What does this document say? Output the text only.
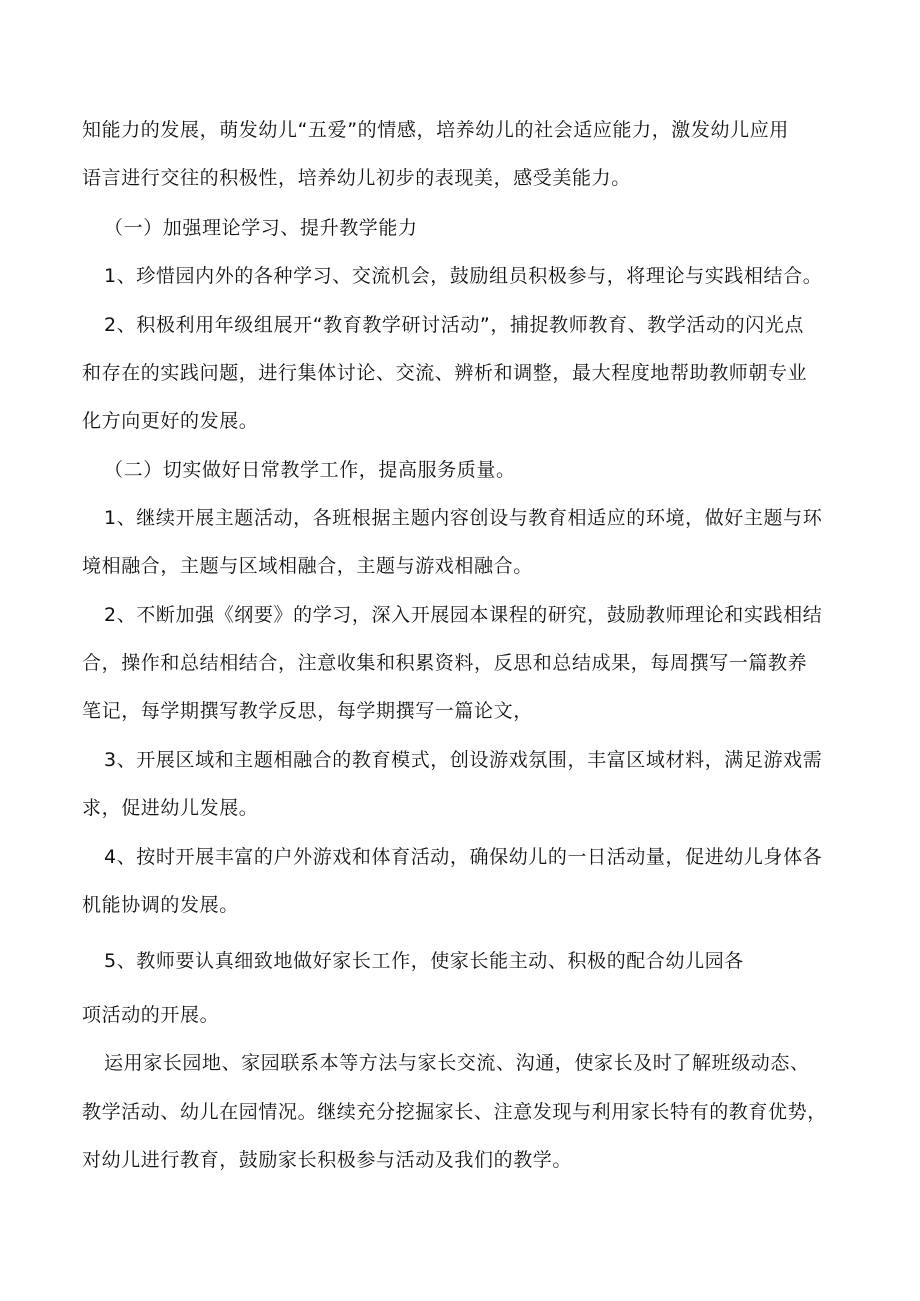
知能力的发展，萌发幼儿“五爱”的情感，培养幼儿的社会适应能力，激发幼儿应用
语言进行交往的积极性，培养幼儿初步的表现美，感受美能力。
（一）加强理论学习、提升教学能力
1、珍惜园内外的各种学习、交流机会，鼓励组员积极参与，将理论与实践相结合。
2、积极利用年级组展开“教育教学研讨活动”，捕捉教师教育、教学活动的闪光点
和存在的实践问题，进行集体讨论、交流、辨析和调整，最大程度地帮助教师朝专业
化方向更好的发展。
（二）切实做好日常教学工作，提高服务质量。
1、继续开展主题活动，各班根据主题内容创设与教育相适应的环境，做好主题与环
境相融合，主题与区域相融合，主题与游戏相融合。
2、不断加强《纲要》的学习，深入开展园本课程的研究，鼓励教师理论和实践相结
合，操作和总结相结合，注意收集和积累资料，反思和总结成果，每周撰写一篇教养
笔记，每学期撰写教学反思，每学期撰写一篇论文，
3、开展区域和主题相融合的教育模式，创设游戏氛围，丰富区域材料，满足游戏需
求，促进幼儿发展。
4、按时开展丰富的户外游戏和体育活动，确保幼儿的一日活动量，促进幼儿身体各
机能协调的发展。
5、教师要认真细致地做好家长工作，使家长能主动、积极的配合幼儿园各
项活动的开展。
运用家长园地、家园联系本等方法与家长交流、沟通，使家长及时了解班级动态、
教学活动、幼儿在园情况。继续充分挖掘家长、注意发现与利用家长特有的教育优势，
对幼儿进行教育，鼓励家长积极参与活动及我们的教学。
